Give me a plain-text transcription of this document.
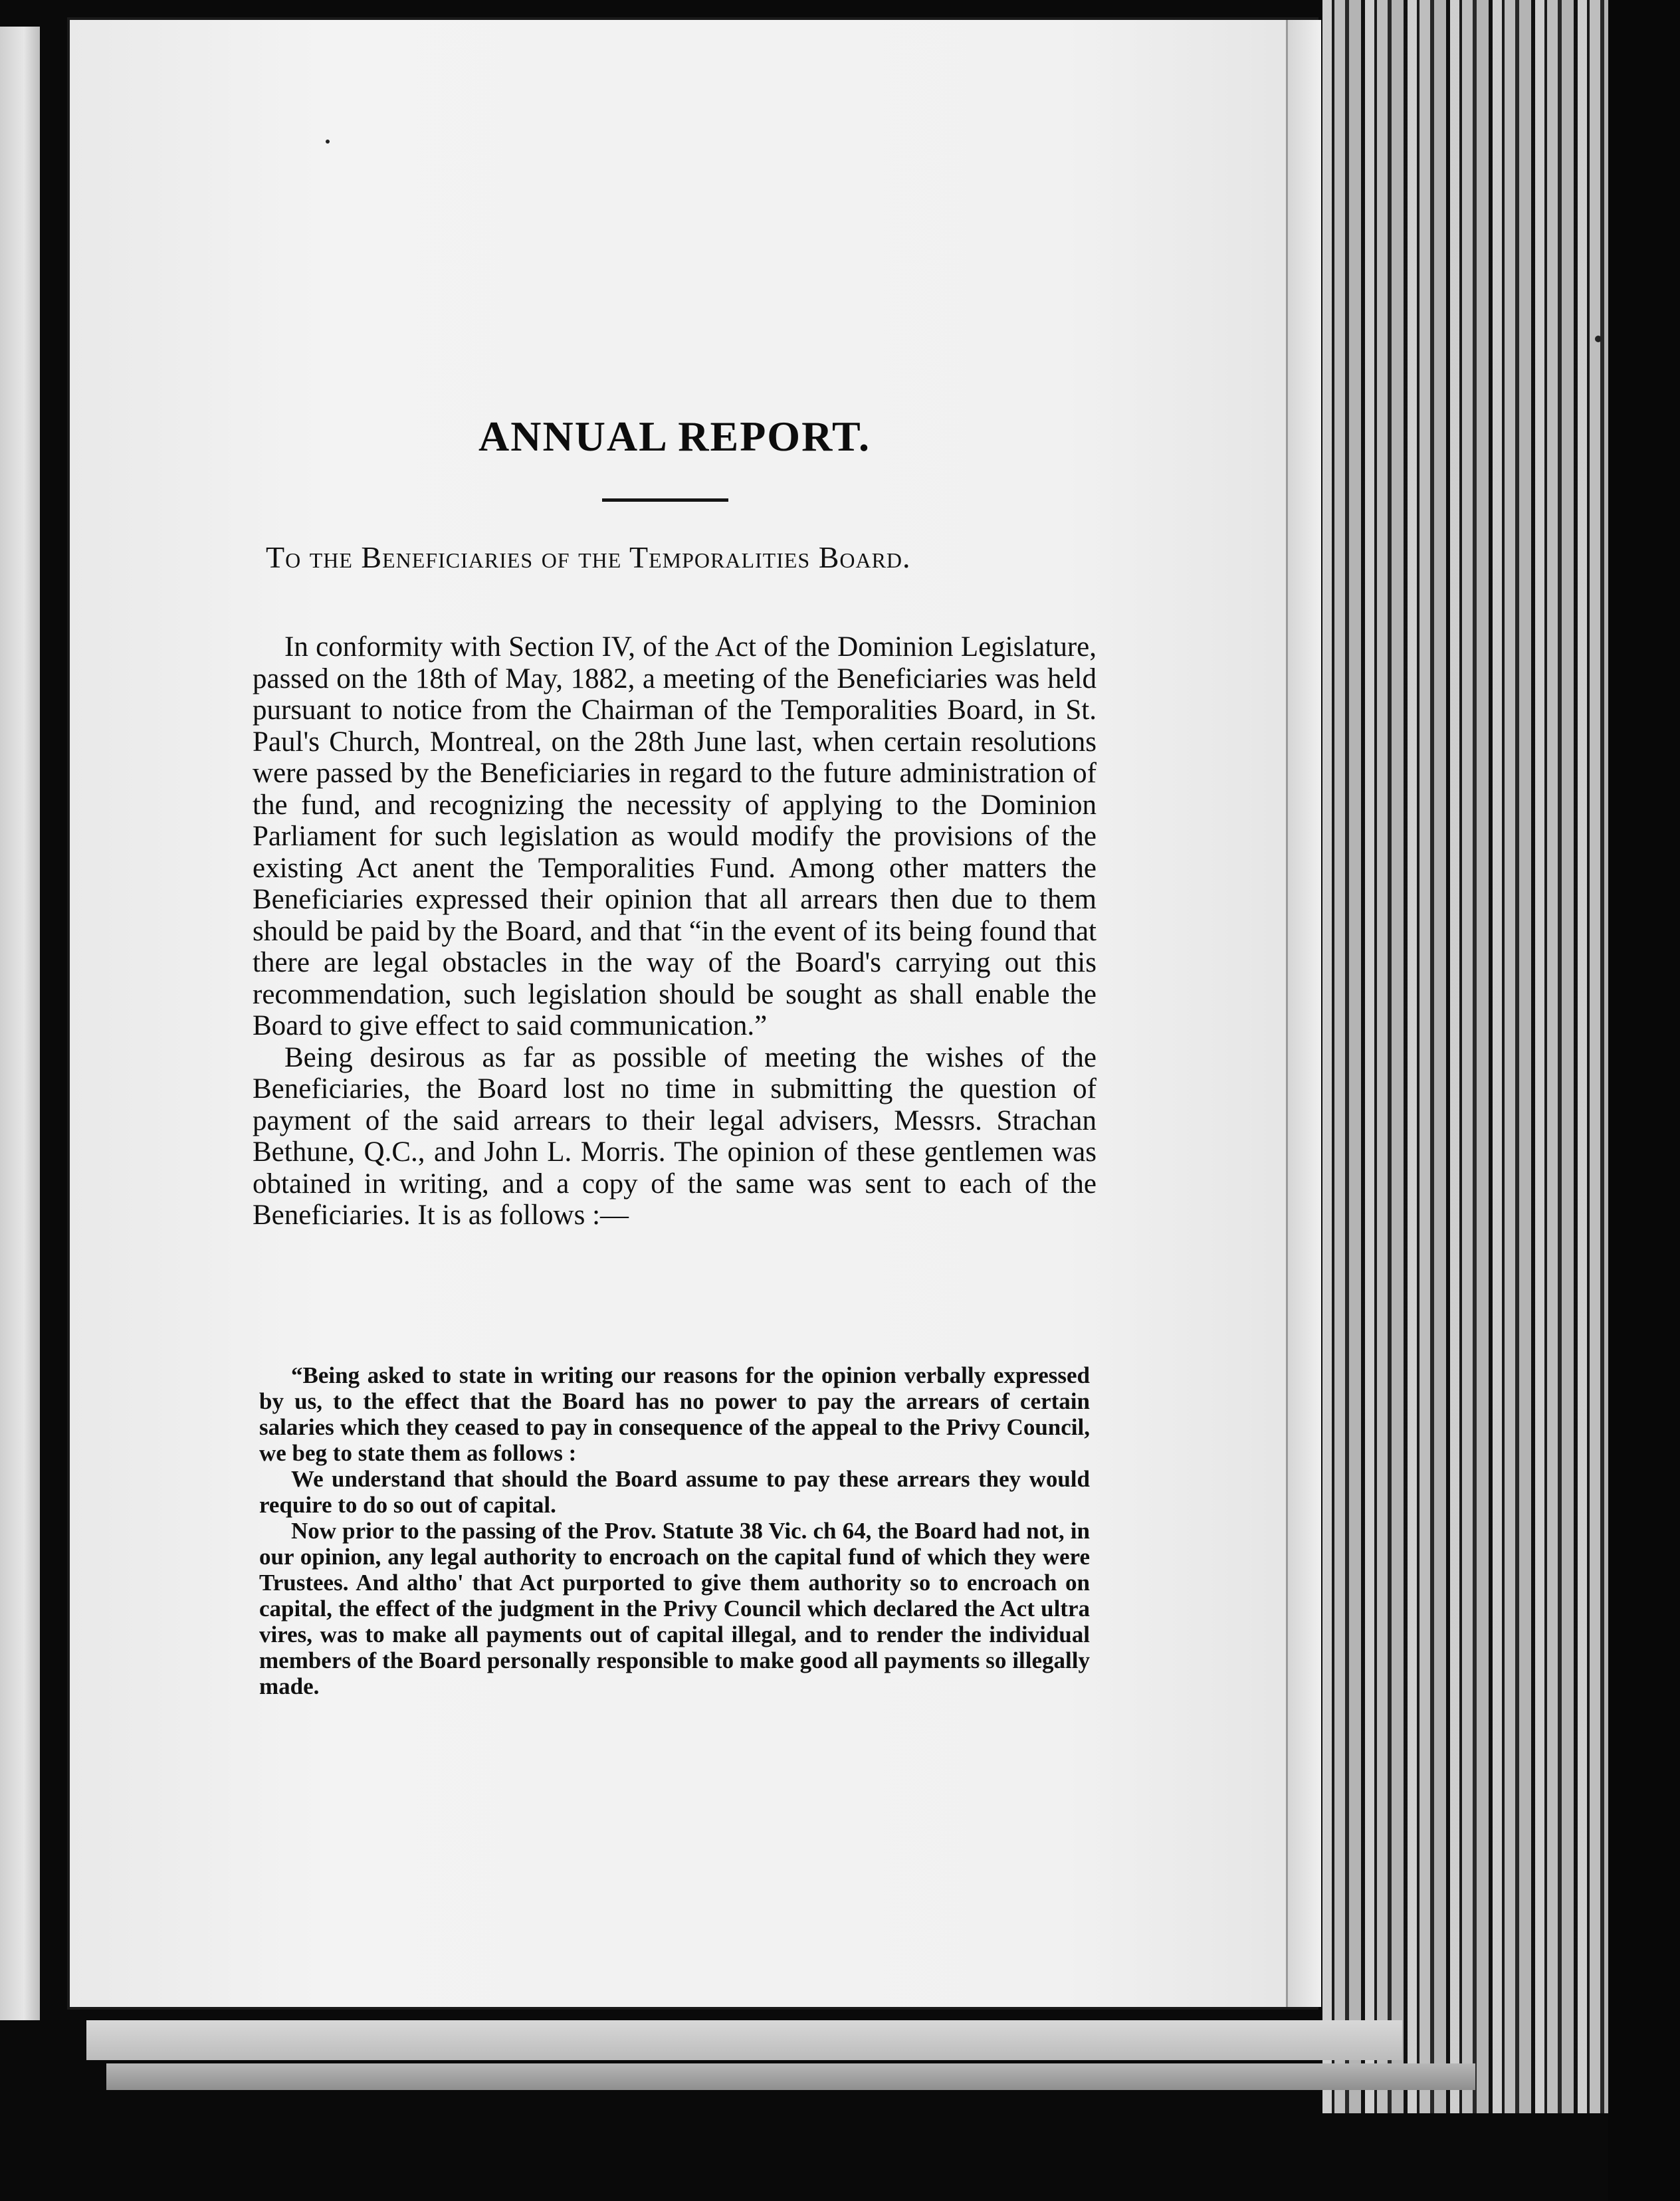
ANNUAL REPORT.
To the Beneficiaries of the Temporalities Board.

In conformity with Section IV, of the Act of the Dominion Legislature, passed on the 18th of May, 1882, a meeting of the Beneficiaries was held pursuant to notice from the Chairman of the Temporalities Board, in St. Paul's Church, Montreal, on the 28th June last, when certain resolutions were passed by the Beneficiaries in regard to the future administration of the fund, and recognizing the necessity of applying to the Dominion Parliament for such legislation as would modify the provisions of the existing Act anent the Temporalities Fund. Among other matters the Beneficiaries expressed their opinion that all arrears then due to them should be paid by the Board, and that “in the event of its being found that there are legal obstacles in the way of the Board's carrying out this recommendation, such legislation should be sought as shall enable the Board to give effect to said communication.”

Being desirous as far as possible of meeting the wishes of the Beneficiaries, the Board lost no time in submitting the question of payment of the said arrears to their legal advisers, Messrs. Strachan Bethune, Q.C., and John L. Morris. The opinion of these gentlemen was obtained in writing, and a copy of the same was sent to each of the Beneficiaries. It is as follows :—

“Being asked to state in writing our reasons for the opinion verbally expressed by us, to the effect that the Board has no power to pay the arrears of certain salaries which they ceased to pay in consequence of the appeal to the Privy Council, we beg to state them as follows :

We understand that should the Board assume to pay these arrears they would require to do so out of capital.

Now prior to the passing of the Prov. Statute 38 Vic. ch 64, the Board had not, in our opinion, any legal authority to encroach on the capital fund of which they were Trustees. And altho' that Act purported to give them authority so to encroach on capital, the effect of the judgment in the Privy Council which declared the Act ultra vires, was to make all payments out of capital illegal, and to render the individual members of the Board personally responsible to make good all payments so illegally made.
